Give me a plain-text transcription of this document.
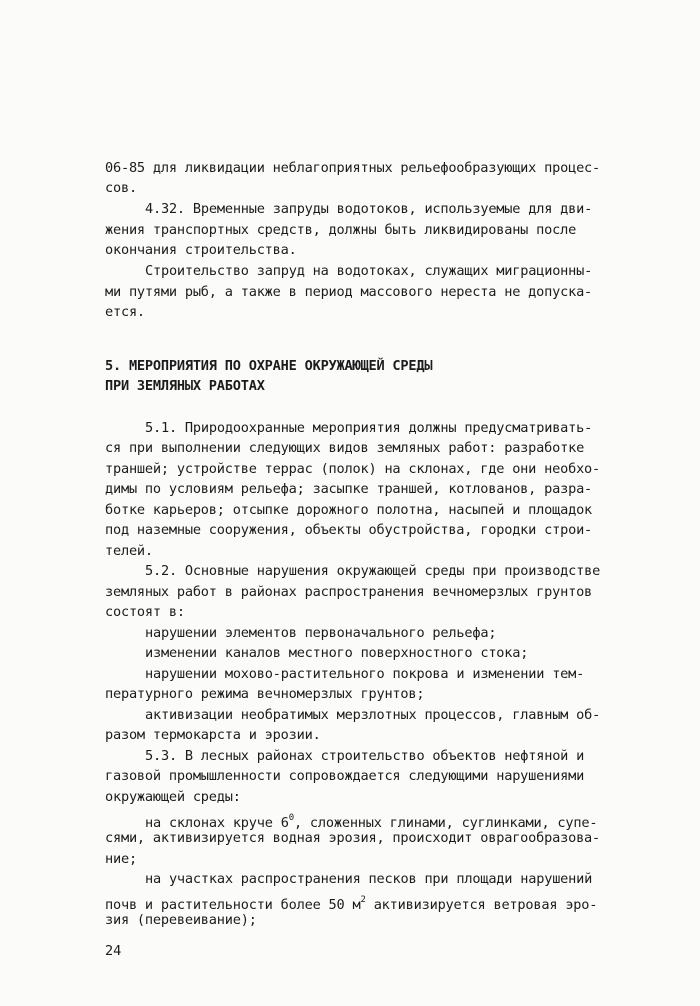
06-85 для ликвидации неблагоприятных рельефообразующих процес-
сов.
4.32. Временные запруды водотоков, используемые для дви-
жения транспортных средств, должны быть ликвидированы после
окончания строительства.
Строительство запруд на водотоках, служащих миграционны-
ми путями рыб, а также в период массового нереста не допуска-
ется.
5. МЕРОПРИЯТИЯ ПО ОХРАНЕ ОКРУЖАЮЩЕЙ СРЕДЫ
ПРИ ЗЕМЛЯНЫХ РАБОТАХ
5.1. Природоохранные мероприятия должны предусматривать-
ся при выполнении следующих видов земляных работ: разработке
траншей; устройстве террас (полок) на склонах, где они необхо-
димы по условиям рельефа; засыпке траншей, котлованов, разра-
ботке карьеров; отсыпке дорожного полотна, насыпей и площадок
под наземные сооружения, объекты обустройства, городки строи-
телей.
5.2. Основные нарушения окружающей среды при производстве
земляных работ в районах распространения вечномерзлых грунтов
состоят в:
нарушении элементов первоначального рельефа;
изменении каналов местного поверхностного стока;
нарушении мохово-растительного покрова и изменении тем-
пературного режима вечномерзлых грунтов;
активизации необратимых мерзлотных процессов, главным об-
разом термокарста и эрозии.
5.3. В лесных районах строительство объектов нефтяной и
газовой промышленности сопровождается следующими нарушениями
окружающей среды:
на склонах круче $6^0$, сложенных глинами, суглинками, супе-
сями, активизируется водная эрозия, происходит оврагообразова-
ние;
на участках распространения песков при площади нарушений
почв и растительности более 50 $м^2$ активизируется ветровая эро-
зия (перевеивание);
24
